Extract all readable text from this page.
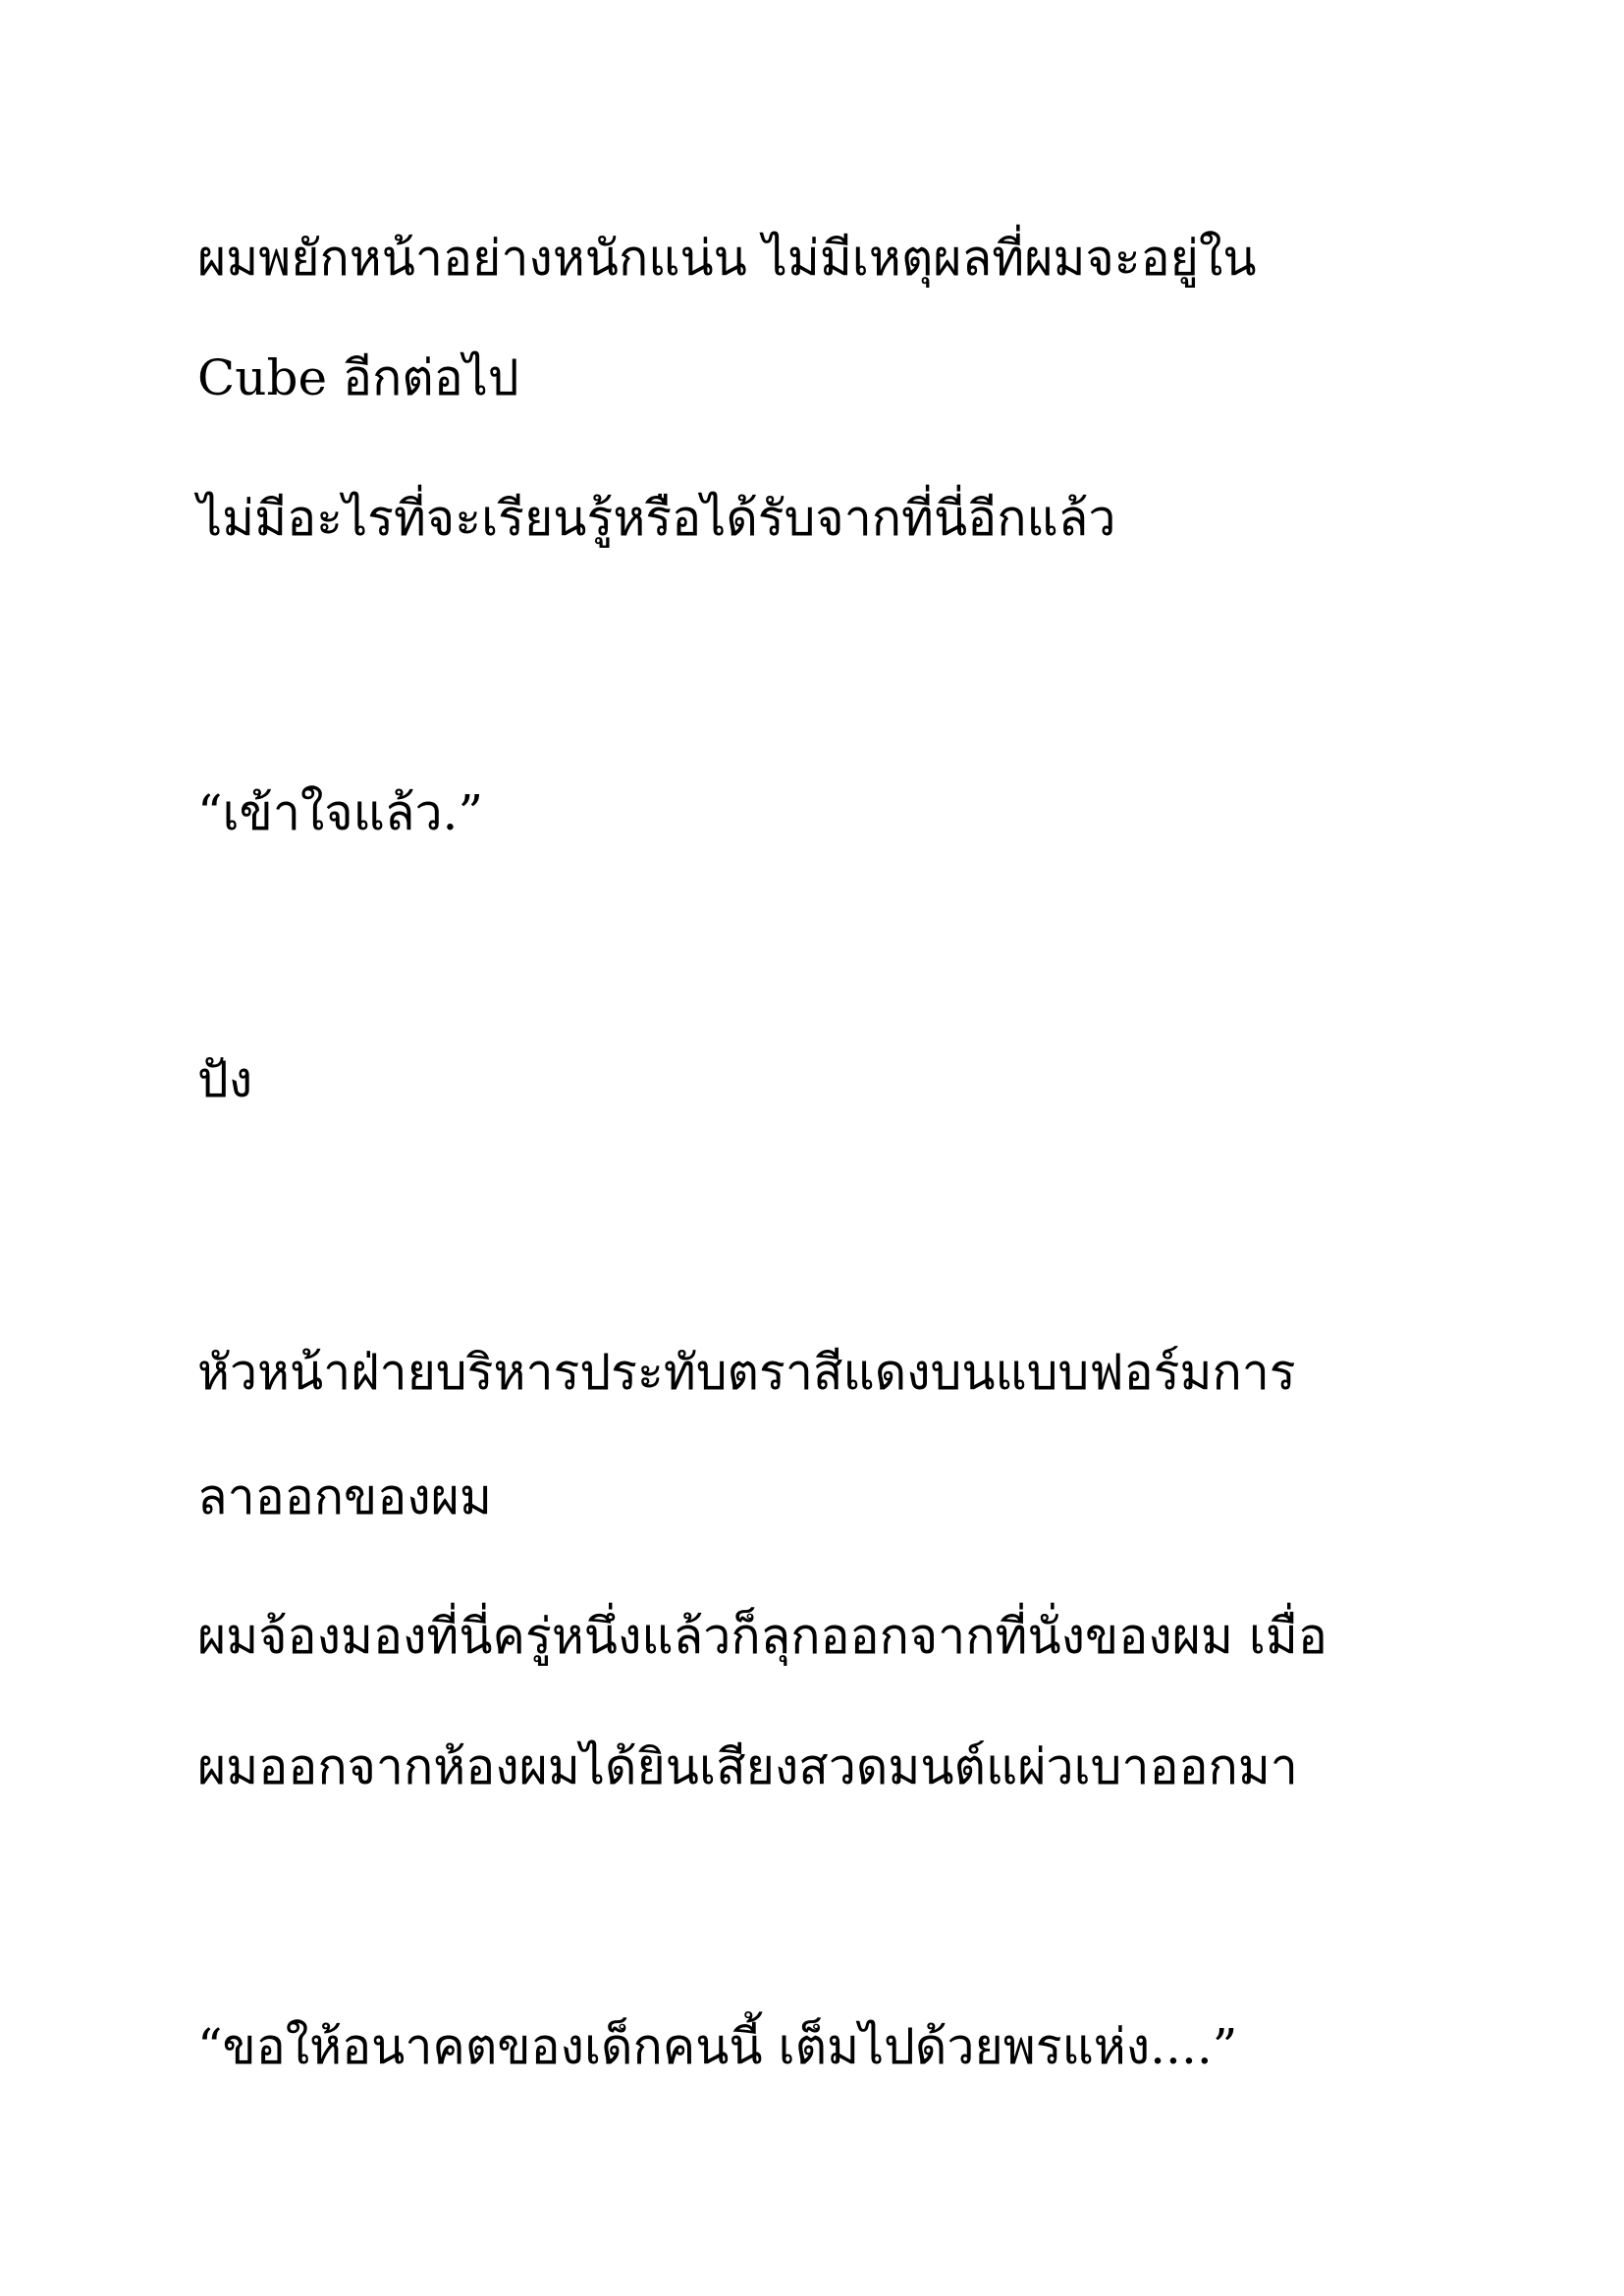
ผมพยักหน้าอย่างหนักแน่น ไม่มีเหตุผลที่ผมจะอยู่ใน
Cube อีกต่อไป
ไม่มีอะไรที่จะเรียนรู้หรือได้รับจากที่นี่อีกแล้ว
“เข้าใจแล้ว.”
ปัง
หัวหน้าฝ่ายบริหารประทับตราสีแดงบนแบบฟอร์มการ
ลาออกของผม
ผมจ้องมองที่นี่ครู่หนึ่งแล้วก็ลุกออกจากที่นั่งของผม เมื่อ
ผมออกจากห้องผมได้ยินเสียงสวดมนต์แผ่วเบาออกมา
“ขอให้อนาคตของเด็กคนนี้ เต็มไปด้วยพรแห่ง....”
